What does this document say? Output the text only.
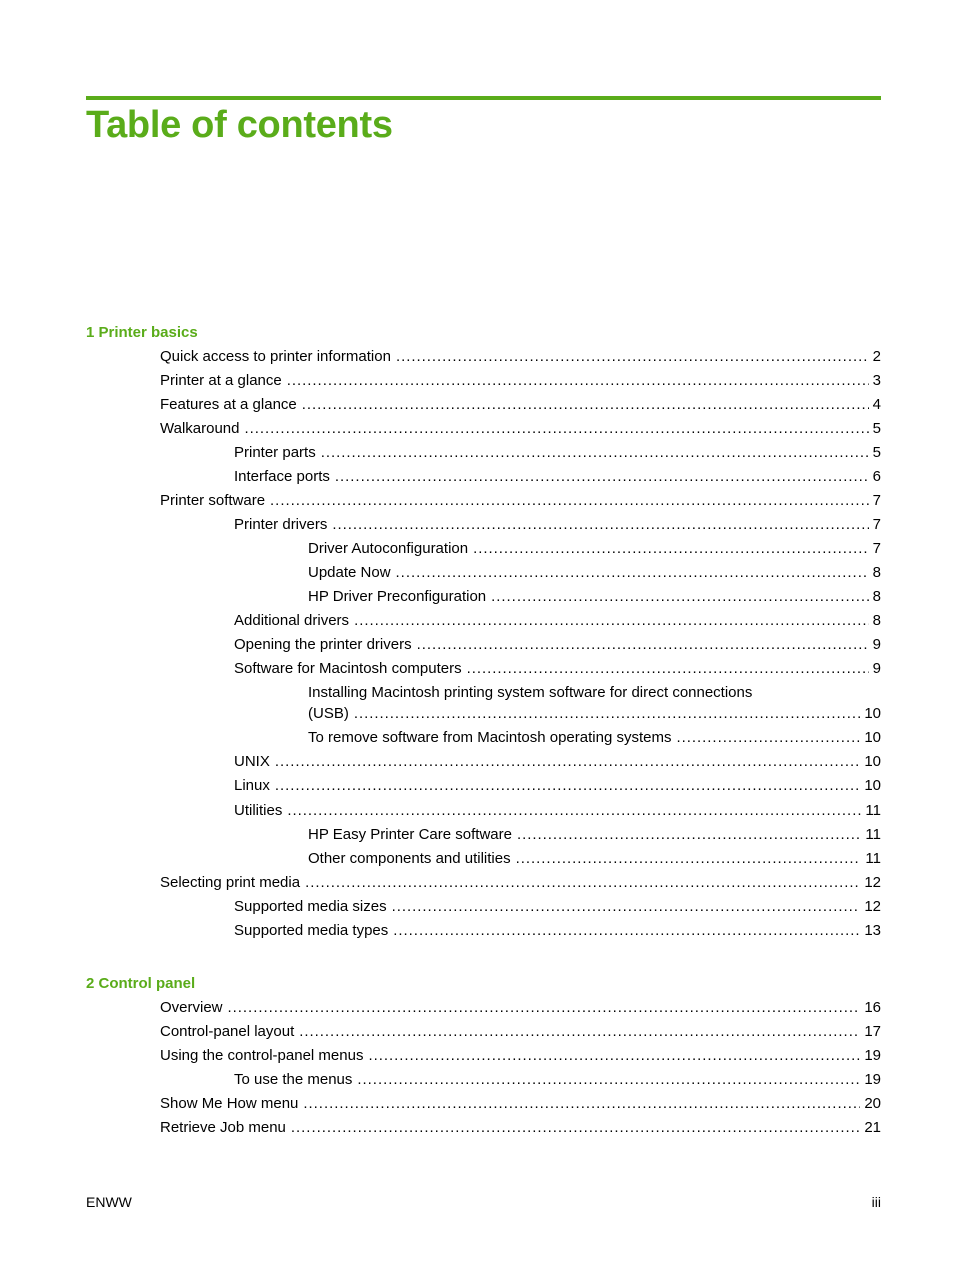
Table of contents
1 Printer basics
Quick access to printer information . . .	2
Printer at a glance . . .	3
Features at a glance . . .	4
Walkaround . . .	5
Printer parts . . .	5
Interface ports . . .	6
Printer software . . .	7
Printer drivers . . .	7
Driver Autoconfiguration . . .	7
Update Now . . .	8
HP Driver Preconfiguration . . .	8
Additional drivers . . .	8
Opening the printer drivers . . .	9
Software for Macintosh computers . . .	9
Installing Macintosh printing system software for direct connections
(USB) . . .	10
To remove software from Macintosh operating systems . . .	10
UNIX . . .	10
Linux . . .	10
Utilities . . .	11
HP Easy Printer Care software . . .	11
Other components and utilities . . .	11
Selecting print media . . .	12
Supported media sizes . . .	12
Supported media types . . .	13
2 Control panel
Overview . . .	16
Control-panel layout . . .	17
Using the control-panel menus . . .	19
To use the menus . . .	19
Show Me How menu . . .	20
Retrieve Job menu . . .	21
ENWW	iii
